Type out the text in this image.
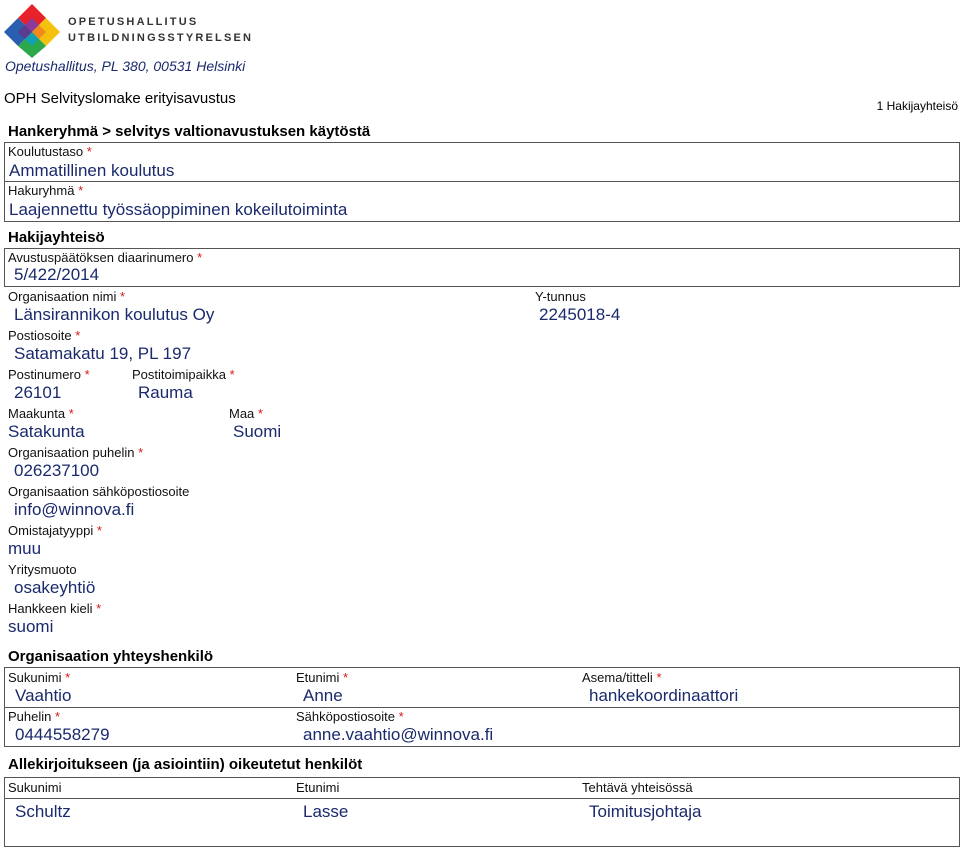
OPETUSHALLITUS
UTBILDNINGSSTYRELSEN
Opetushallitus, PL 380, 00531 Helsinki
OPH Selvityslomake erityisavustus	1 Hakijayhteisö
Hankeryhmä > selvitys valtionavustuksen käytöstä
Koulutustaso *
Ammatillinen koulutus
Hakuryhmä *
Laajennettu työssäoppiminen kokeilutoiminta
Hakijayhteisö
Avustuspäätöksen diaarinumero *
5/422/2014
Organisaation nimi *
Länsirannikon koulutus Oy
Y-tunnus
2245018-4
Postiosoite *
Satamakatu 19, PL 197
Postinumero *
26101
Postitoimipaikka *
Rauma
Maakunta *
Satakunta
Maa *
Suomi
Organisaation puhelin *
026237100
Organisaation sähköpostiosoite
info@winnova.fi
Omistajatyyppi *
muu
Yritysmuoto
osakeyhtiö
Hankkeen kieli *
suomi
Organisaation yhteyshenkilö
Sukunimi *
Vaahtio
Etunimi *
Anne
Asema/titteli *
hankekoordinaattori
Puhelin *
0444558279
Sähköpostiosoite *
anne.vaahtio@winnova.fi
Allekirjoitukseen (ja asiointiin) oikeutetut henkilöt
Sukunimi	Etunimi	Tehtävä yhteisössä
Schultz	Lasse	Toimitusjohtaja
